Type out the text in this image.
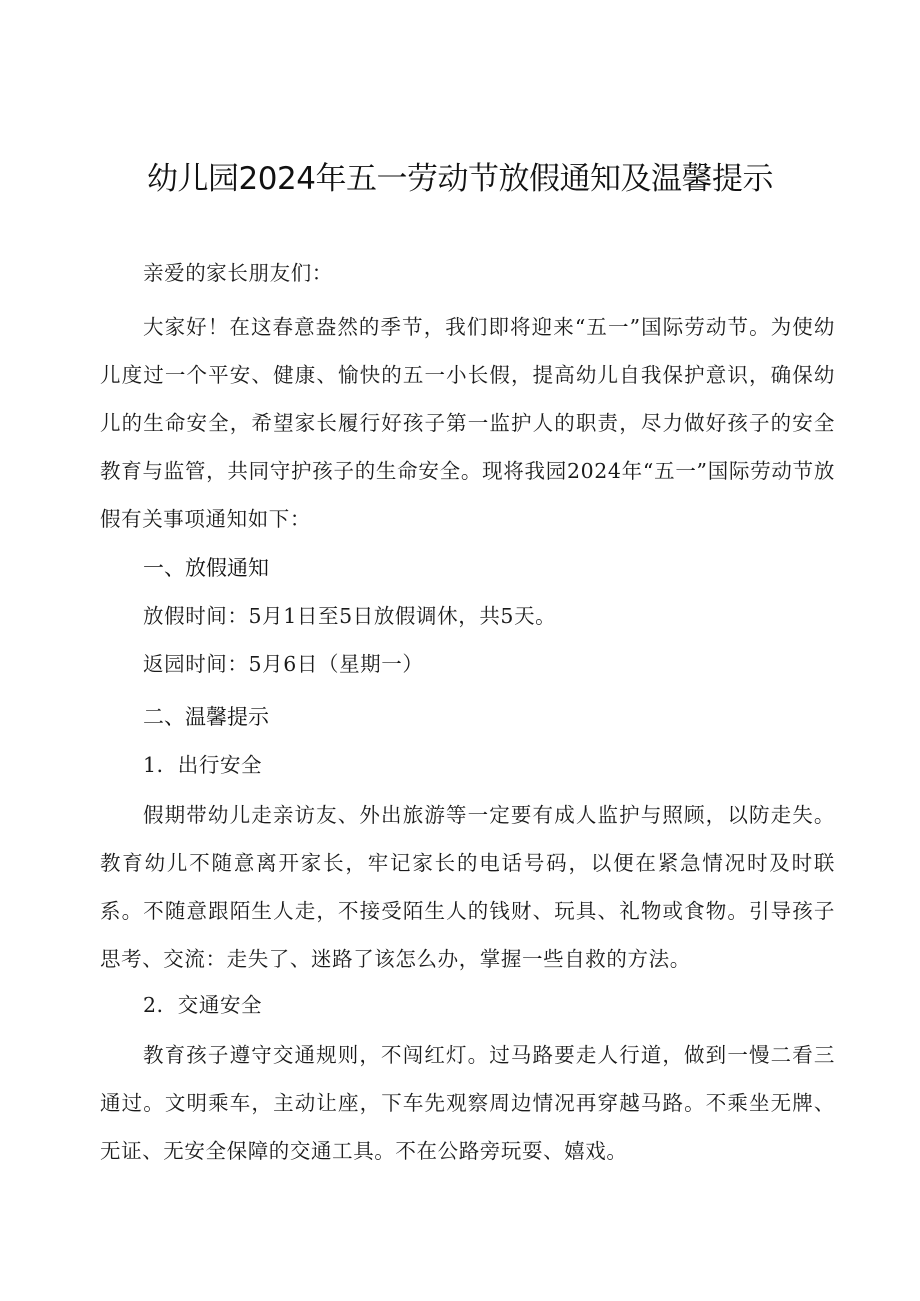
幼儿园2024年五一劳动节放假通知及温馨提示

亲爱的家长朋友们：

大家好！在这春意盎然的季节，我们即将迎来“五一”国际劳动节。为使幼儿度过一个平安、健康、愉快的五一小长假，提高幼儿自我保护意识，确保幼儿的生命安全，希望家长履行好孩子第一监护人的职责，尽力做好孩子的安全教育与监管，共同守护孩子的生命安全。现将我园2024年“五一”国际劳动节放假有关事项通知如下：

一、放假通知

放假时间：5月1日至5日放假调休，共5天。

返园时间：5月6日（星期一）

二、温馨提示

1．出行安全

假期带幼儿走亲访友、外出旅游等一定要有成人监护与照顾，以防走失。教育幼儿不随意离开家长，牢记家长的电话号码，以便在紧急情况时及时联系。不随意跟陌生人走，不接受陌生人的钱财、玩具、礼物或食物。引导孩子思考、交流：走失了、迷路了该怎么办，掌握一些自救的方法。

2．交通安全

教育孩子遵守交通规则，不闯红灯。过马路要走人行道，做到一慢二看三通过。文明乘车，主动让座，下车先观察周边情况再穿越马路。不乘坐无牌、无证、无安全保障的交通工具。不在公路旁玩耍、嬉戏。
